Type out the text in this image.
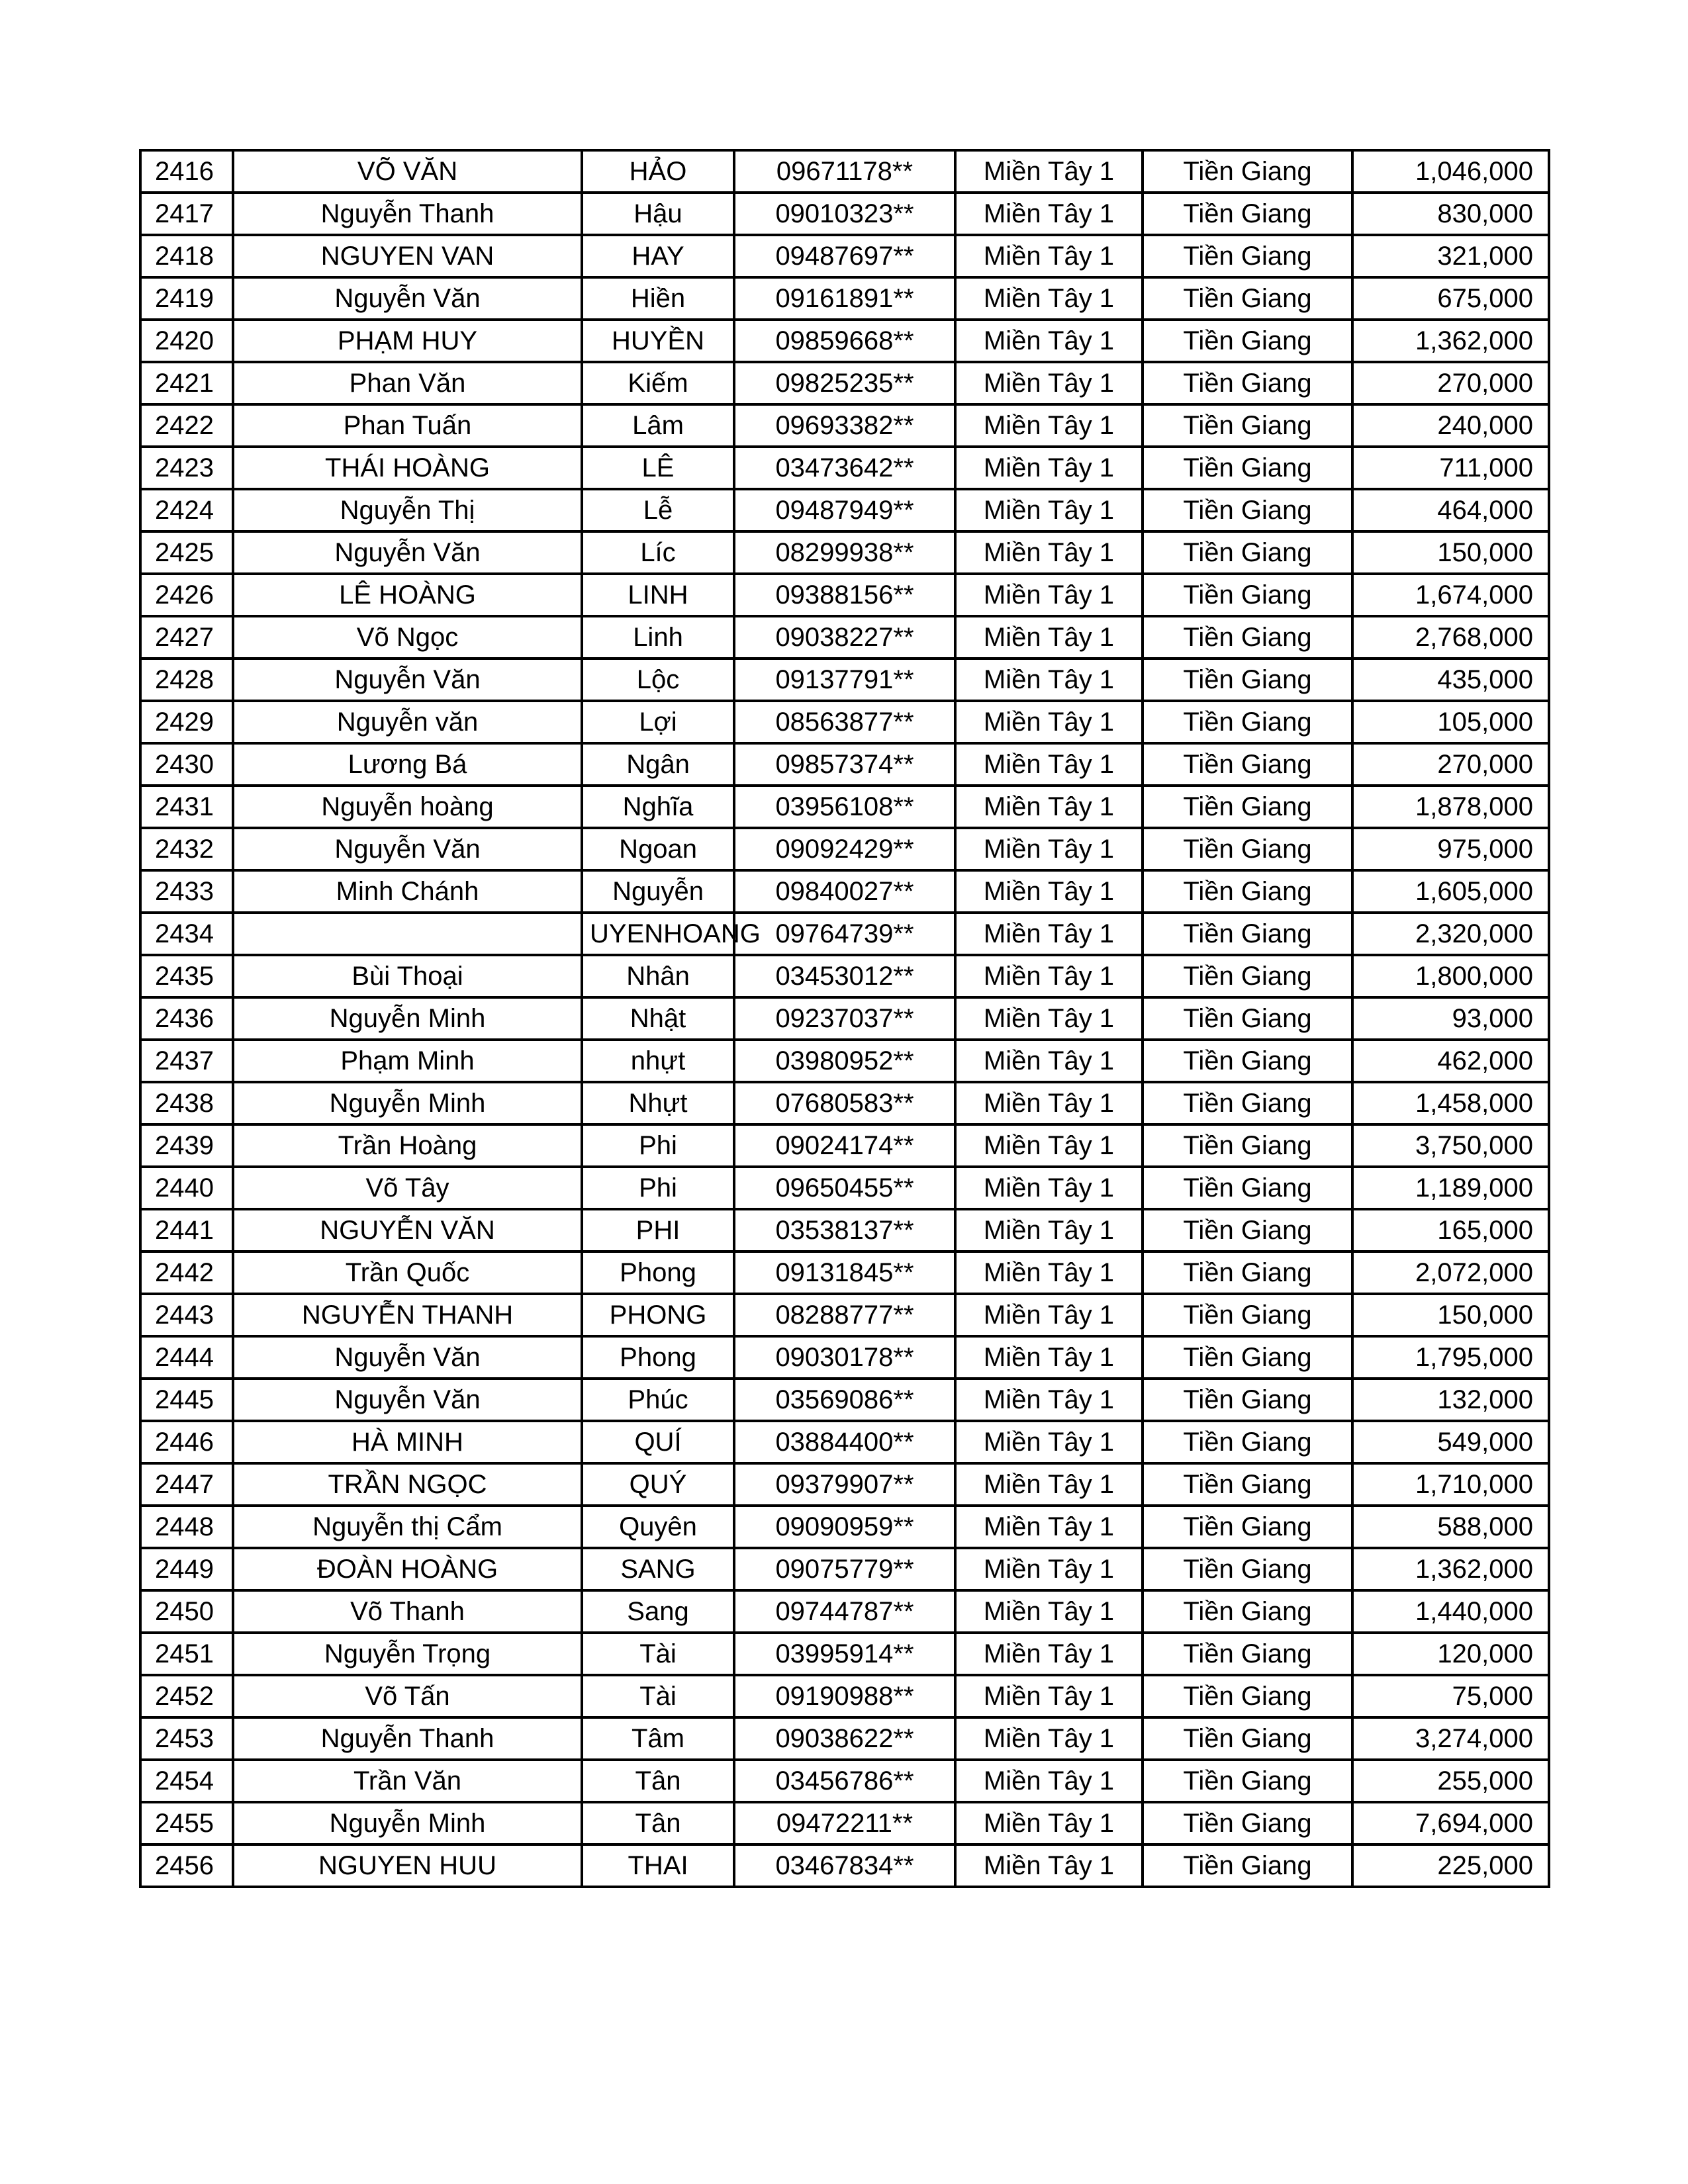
2416	VÕ VĂN	HẢO	09671178**	Miền Tây 1	Tiền Giang	1,046,000
2417	Nguyễn Thanh	Hậu	09010323**	Miền Tây 1	Tiền Giang	830,000
2418	NGUYEN VAN	HAY	09487697**	Miền Tây 1	Tiền Giang	321,000
2419	Nguyễn Văn	Hiền	09161891**	Miền Tây 1	Tiền Giang	675,000
2420	PHẠM HUY	HUYỀN	09859668**	Miền Tây 1	Tiền Giang	1,362,000
2421	Phan Văn	Kiếm	09825235**	Miền Tây 1	Tiền Giang	270,000
2422	Phan Tuấn	Lâm	09693382**	Miền Tây 1	Tiền Giang	240,000
2423	THÁI HOÀNG	LÊ	03473642**	Miền Tây 1	Tiền Giang	711,000
2424	Nguyễn Thị	Lễ	09487949**	Miền Tây 1	Tiền Giang	464,000
2425	Nguyễn Văn	Líc	08299938**	Miền Tây 1	Tiền Giang	150,000
2426	LÊ HOÀNG	LINH	09388156**	Miền Tây 1	Tiền Giang	1,674,000
2427	Võ Ngọc	Linh	09038227**	Miền Tây 1	Tiền Giang	2,768,000
2428	Nguyễn Văn	Lộc	09137791**	Miền Tây 1	Tiền Giang	435,000
2429	Nguyễn văn	Lợi	08563877**	Miền Tây 1	Tiền Giang	105,000
2430	Lương Bá	Ngân	09857374**	Miền Tây 1	Tiền Giang	270,000
2431	Nguyễn hoàng	Nghĩa	03956108**	Miền Tây 1	Tiền Giang	1,878,000
2432	Nguyễn Văn	Ngoan	09092429**	Miền Tây 1	Tiền Giang	975,000
2433	Minh Chánh	Nguyễn	09840027**	Miền Tây 1	Tiền Giang	1,605,000
2434		UYENHOANG	09764739**	Miền Tây 1	Tiền Giang	2,320,000
2435	Bùi Thoại	Nhân	03453012**	Miền Tây 1	Tiền Giang	1,800,000
2436	Nguyễn Minh	Nhật	09237037**	Miền Tây 1	Tiền Giang	93,000
2437	Phạm Minh	nhựt	03980952**	Miền Tây 1	Tiền Giang	462,000
2438	Nguyễn Minh	Nhựt	07680583**	Miền Tây 1	Tiền Giang	1,458,000
2439	Trần Hoàng	Phi	09024174**	Miền Tây 1	Tiền Giang	3,750,000
2440	Võ Tây	Phi	09650455**	Miền Tây 1	Tiền Giang	1,189,000
2441	NGUYỄN VĂN	PHI	03538137**	Miền Tây 1	Tiền Giang	165,000
2442	Trần Quốc	Phong	09131845**	Miền Tây 1	Tiền Giang	2,072,000
2443	NGUYỄN THANH	PHONG	08288777**	Miền Tây 1	Tiền Giang	150,000
2444	Nguyễn Văn	Phong	09030178**	Miền Tây 1	Tiền Giang	1,795,000
2445	Nguyễn Văn	Phúc	03569086**	Miền Tây 1	Tiền Giang	132,000
2446	HÀ MINH	QUÍ	03884400**	Miền Tây 1	Tiền Giang	549,000
2447	TRẦN NGỌC	QUÝ	09379907**	Miền Tây 1	Tiền Giang	1,710,000
2448	Nguyễn thị Cẩm	Quyên	09090959**	Miền Tây 1	Tiền Giang	588,000
2449	ĐOÀN HOÀNG	SANG	09075779**	Miền Tây 1	Tiền Giang	1,362,000
2450	Võ Thanh	Sang	09744787**	Miền Tây 1	Tiền Giang	1,440,000
2451	Nguyễn Trọng	Tài	03995914**	Miền Tây 1	Tiền Giang	120,000
2452	Võ Tấn	Tài	09190988**	Miền Tây 1	Tiền Giang	75,000
2453	Nguyễn Thanh	Tâm	09038622**	Miền Tây 1	Tiền Giang	3,274,000
2454	Trần Văn	Tân	03456786**	Miền Tây 1	Tiền Giang	255,000
2455	Nguyễn Minh	Tân	09472211**	Miền Tây 1	Tiền Giang	7,694,000
2456	NGUYEN HUU	THAI	03467834**	Miền Tây 1	Tiền Giang	225,000
